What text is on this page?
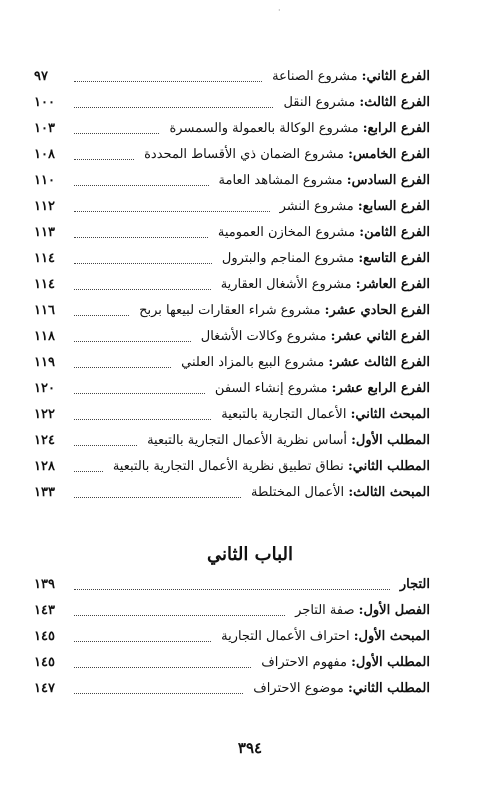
·
الفرع الثاني: مشروع الصناعة
٩٧
الفرع الثالث: مشروع النقل
١٠٠
الفرع الرابع: مشروع الوكالة بالعمولة والسمسرة
١٠٣
الفرع الخامس: مشروع الضمان ذي الأقساط المحددة
١٠٨
الفرع السادس: مشروع المشاهد العامة
١١٠
الفرع السابع: مشروع النشر
١١٢
الفرع الثامن: مشروع المخازن العمومية
١١٣
الفرع التاسع: مشروع المناجم والبترول
١١٤
الفرع العاشر: مشروع الأشغال العقارية
١١٤
الفرع الحادي عشر: مشروع شراء العقارات لبيعها بربح
١١٦
الفرع الثاني عشر: مشروع وكالات الأشغال
١١٨
الفرع الثالث عشر: مشروع البيع بالمزاد العلني
١١٩
الفرع الرابع عشر: مشروع إنشاء السفن
١٢٠
المبحث الثاني: الأعمال التجارية بالتبعية
١٢٢
المطلب الأول: أساس نظرية الأعمال التجارية بالتبعية
١٢٤
المطلب الثاني: نطاق تطبيق نظرية الأعمال التجارية بالتبعية
١٢٨
المبحث الثالث: الأعمال المختلطة
١٣٣
الباب الثاني
التجار
١٣٩
الفصل الأول: صفة التاجر
١٤٣
المبحث الأول: احتراف الأعمال التجارية
١٤٥
المطلب الأول: مفهوم الاحتراف
١٤٥
المطلب الثاني: موضوع الاحتراف
١٤٧
٣٩٤
